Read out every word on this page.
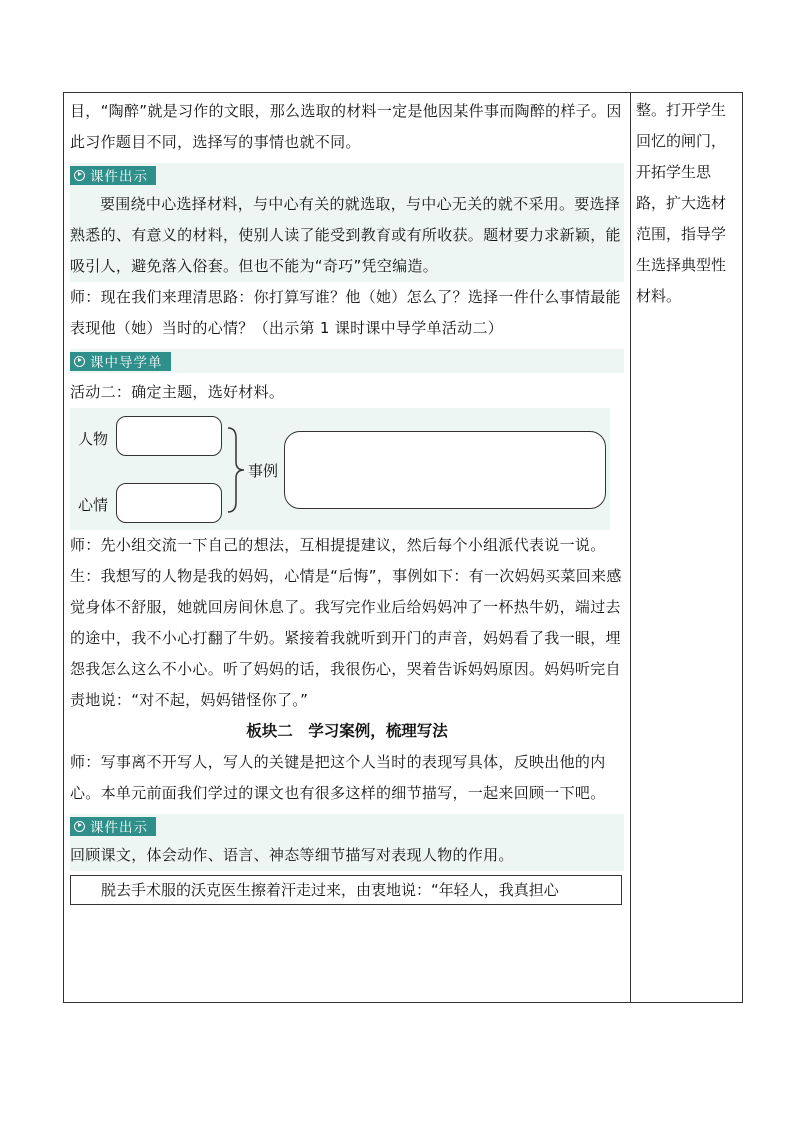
目，“陶醉”就是习作的文眼，那么选取的材料一定是他因某件事而陶醉的样子。因此习作题目不同，选择写的事情也就不同。

课件出示

要围绕中心选择材料，与中心有关的就选取，与中心无关的就不采用。要选择熟悉的、有意义的材料，使别人读了能受到教育或有所收获。题材要力求新颖，能吸引人，避免落入俗套。但也不能为“奇巧”凭空编造。

师：现在我们来理清思路：你打算写谁？他（她）怎么了？选择一件什么事情最能表现他（她）当时的心情？（出示第 1 课时课中导学单活动二）

课中导学单

活动二：确定主题，选好材料。

人物
心情
事例

师：先小组交流一下自己的想法，互相提提建议，然后每个小组派代表说一说。

生：我想写的人物是我的妈妈，心情是“后悔”，事例如下：有一次妈妈买菜回来感觉身体不舒服，她就回房间休息了。我写完作业后给妈妈冲了一杯热牛奶，端过去的途中，我不小心打翻了牛奶。紧接着我就听到开门的声音，妈妈看了我一眼，埋怨我怎么这么不小心。听了妈妈的话，我很伤心，哭着告诉妈妈原因。妈妈听完自责地说：“对不起，妈妈错怪你了。”

板块二　学习案例，梳理写法

师：写事离不开写人，写人的关键是把这个人当时的表现写具体，反映出他的内心。本单元前面我们学过的课文也有很多这样的细节描写，一起来回顾一下吧。

课件出示

回顾课文，体会动作、语言、神态等细节描写对表现人物的作用。

脱去手术服的沃克医生擦着汗走过来，由衷地说：“年轻人，我真担心

整。打开学生回忆的闸门，开拓学生思路，扩大选材范围，指导学生选择典型性材料。
